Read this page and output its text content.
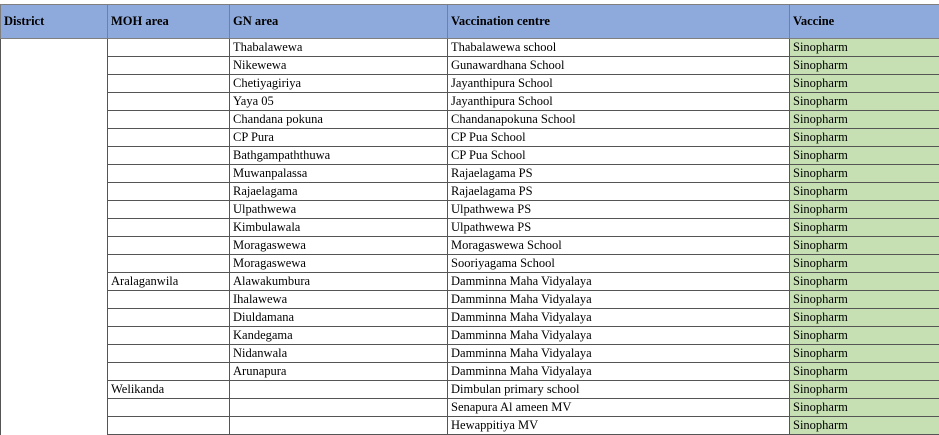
District	MOH area	GN area	Vaccination centre	Vaccine
		Thabalawewa	Thabalawewa school	Sinopharm
		Nikewewa	Gunawardhana School	Sinopharm
		Chetiyagiriya	Jayanthipura School	Sinopharm
		Yaya 05	Jayanthipura School	Sinopharm
		Chandana pokuna	Chandanapokuna School	Sinopharm
		CP Pura	CP Pua School	Sinopharm
		Bathgampaththuwa	CP Pua School	Sinopharm
		Muwanpalassa	Rajaelagama PS	Sinopharm
		Rajaelagama	Rajaelagama PS	Sinopharm
		Ulpathwewa	Ulpathwewa PS	Sinopharm
		Kimbulawala	Ulpathwewa PS	Sinopharm
		Moragaswewa	Moragaswewa School	Sinopharm
		Moragaswewa	Sooriyagama School	Sinopharm
	Aralaganwila	Alawakumbura	Damminna Maha Vidyalaya	Sinopharm
		Ihalawewa	Damminna Maha Vidyalaya	Sinopharm
		Diuldamana	Damminna Maha Vidyalaya	Sinopharm
		Kandegama	Damminna Maha Vidyalaya	Sinopharm
		Nidanwala	Damminna Maha Vidyalaya	Sinopharm
		Arunapura	Damminna Maha Vidyalaya	Sinopharm
	Welikanda		Dimbulan primary school	Sinopharm
			Senapura Al ameen MV	Sinopharm
			Hewappitiya MV	Sinopharm
